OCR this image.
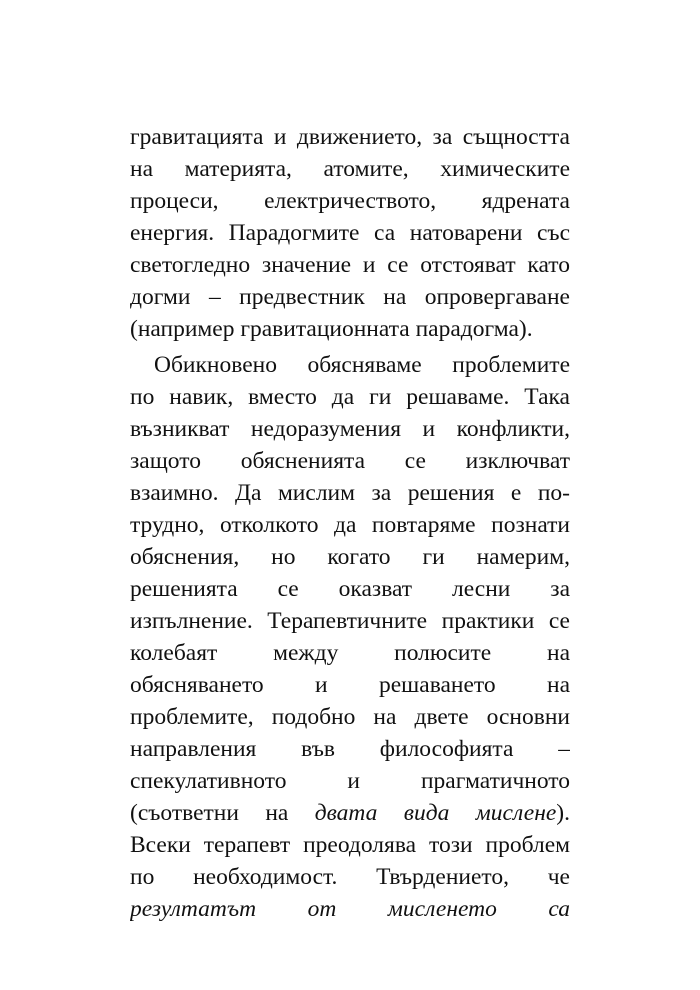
гравитацията и движението, за същността
на материята, атомите, химическите
процеси, електричеството, ядрената
енергия. Парадогмите са натоварени със
светогледно значение и се отстояват като
догми – предвестник на опровергаване
(например гравитационната парадогма).
Обикновено обясняваме проблемите
по навик, вместо да ги решаваме. Така
възникват недоразумения и конфликти,
защото обясненията се изключват
взаимно. Да мислим за решения е по-
трудно, отколкото да повтаряме познати
обяснения, но когато ги намерим,
решенията се оказват лесни за
изпълнение. Терапевтичните практики се
колебаят между полюсите на
обясняването и решаването на
проблемите, подобно на двете основни
направления във философията –
спекулативното и прагматичното
(съответни на двата вида мислене).
Всеки терапевт преодолява този проблем
по необходимост. Твърдението, че
резултатът от мисленето са
